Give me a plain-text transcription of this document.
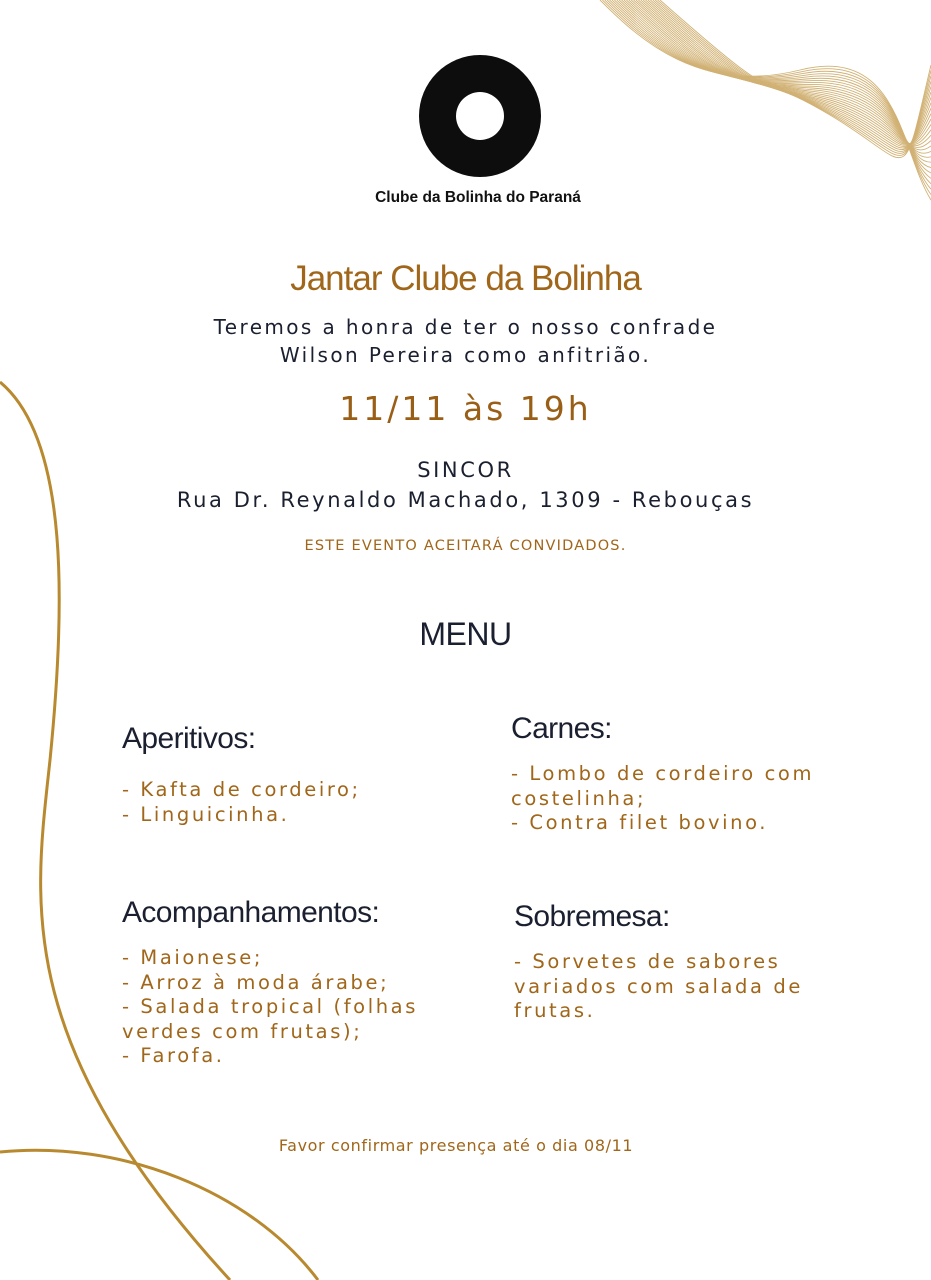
Clube da Bolinha do Paraná
Jantar Clube da Bolinha
Teremos a honra de ter o nosso confrade
Wilson Pereira como anfitrião.
11/11 às 19h
SINCOR
Rua Dr. Reynaldo Machado, 1309 - Rebouças
ESTE EVENTO ACEITARÁ CONVIDADOS.
MENU
Aperitivos:
- Kafta de cordeiro;
- Linguicinha.
Carnes:
- Lombo de cordeiro com
costelinha;
- Contra filet bovino.
Acompanhamentos:
- Maionese;
- Arroz à moda árabe;
- Salada tropical (folhas
verdes com frutas);
- Farofa.
Sobremesa:
- Sorvetes de sabores
variados com salada de
frutas.
Favor confirmar presença até o dia 08/11
